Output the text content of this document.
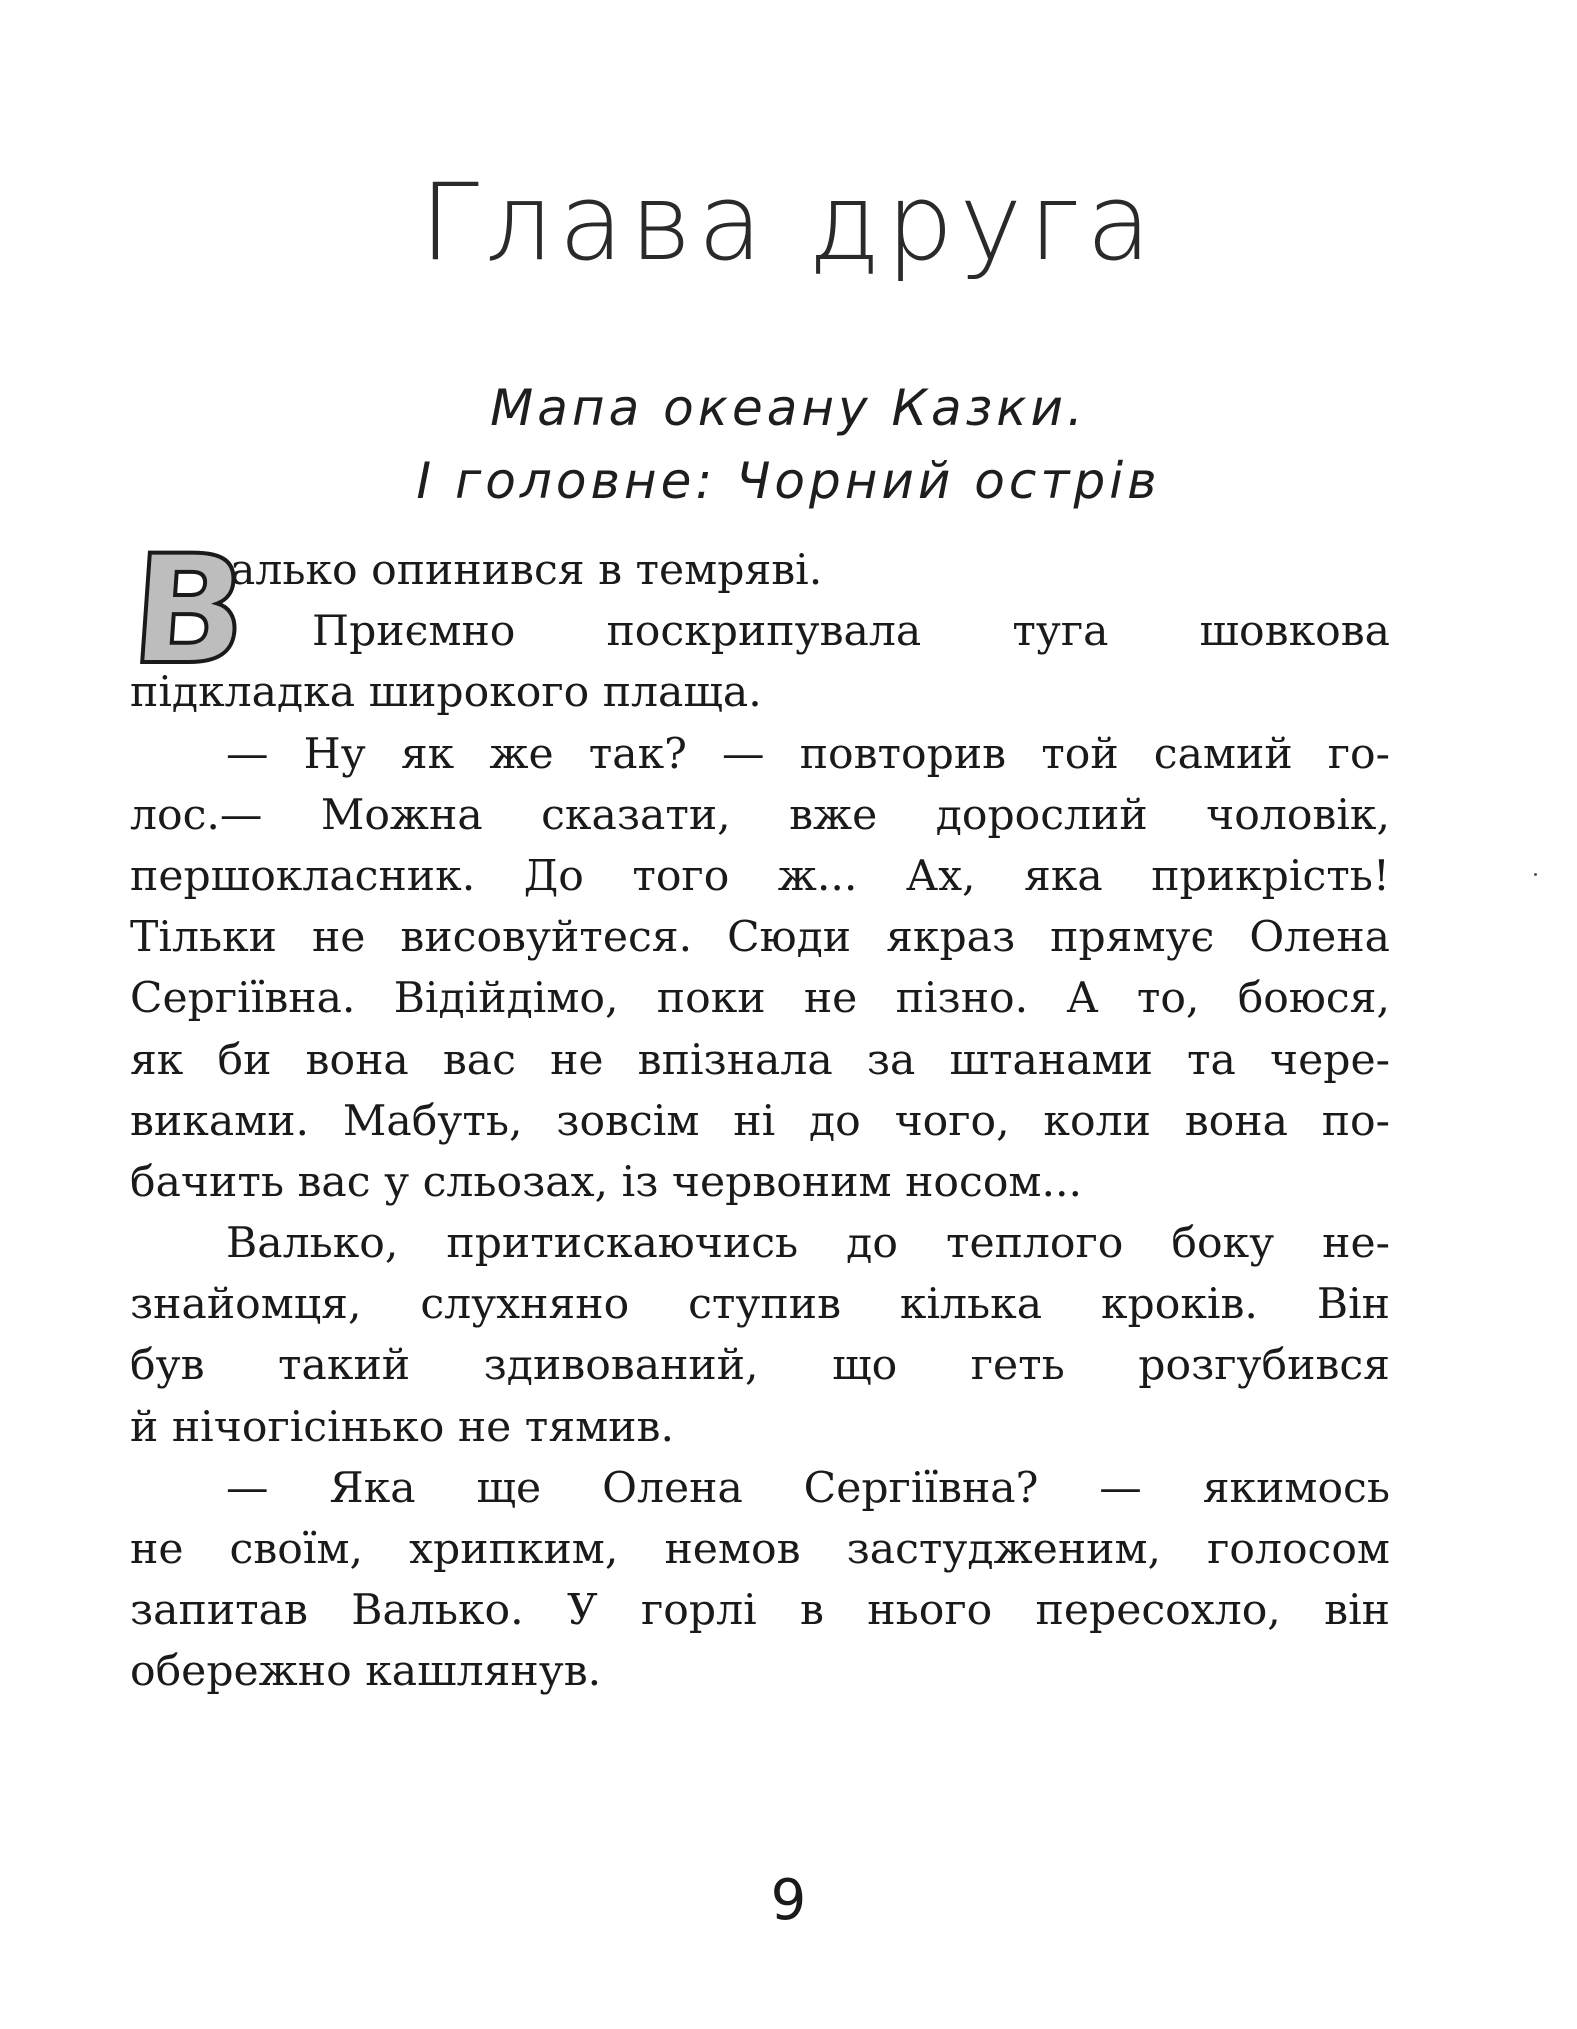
Глава друга
Мапа океану Казки.
І головне: Чорний острів
В
алько опинився в темряві.
Приємно поскрипувала туга шовкова
підкладка широкого плаща.
— Ну як же так? — повторив той самий го-
лос.— Можна сказати, вже дорослий чоловік,
першокласник. До того ж... Ах, яка прикрість!
Тільки не висовуйтеся. Сюди якраз прямує Олена
Сергіївна. Відійдімо, поки не пізно. А то, боюся,
як би вона вас не впізнала за штанами та чере-
виками. Мабуть, зовсім ні до чого, коли вона по-
бачить вас у сльозах, із червоним носом...
Валько, притискаючись до теплого боку не-
знайомця, слухняно ступив кілька кроків. Він
був такий здивований, що геть розгубився
й нічогісінько не тямив.
— Яка ще Олена Сергіївна? — якимось
не своїм, хрипким, немов застудженим, голосом
запитав Валько. У горлі в нього пересохло, він
обережно кашлянув.
9
